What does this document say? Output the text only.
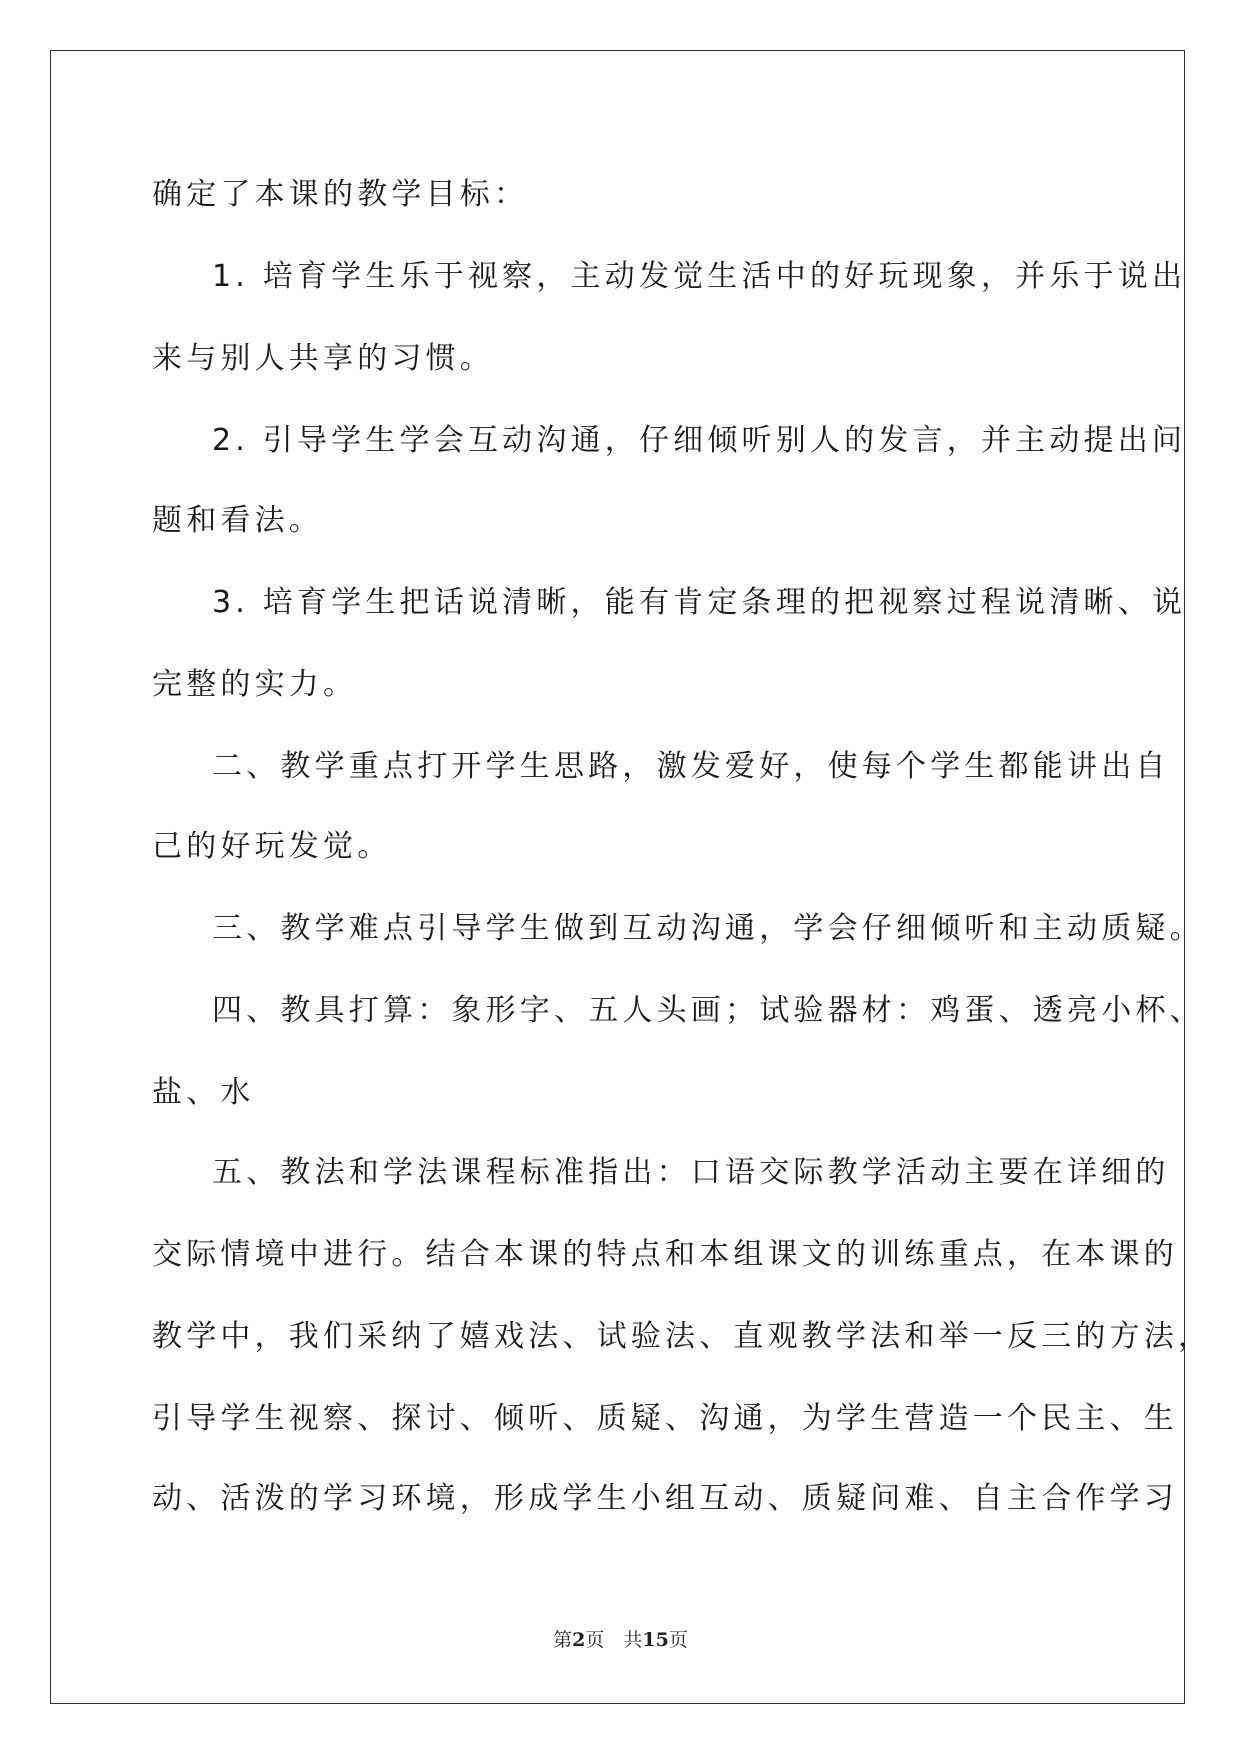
确定了本课的教学目标：
1. 培育学生乐于视察，主动发觉生活中的好玩现象，并乐于说出
来与别人共享的习惯。
2. 引导学生学会互动沟通，仔细倾听别人的发言，并主动提出问
题和看法。
3. 培育学生把话说清晰，能有肯定条理的把视察过程说清晰、说
完整的实力。
二、教学重点打开学生思路，激发爱好，使每个学生都能讲出自
己的好玩发觉。
三、教学难点引导学生做到互动沟通，学会仔细倾听和主动质疑。
四、教具打算：象形字、五人头画；试验器材：鸡蛋、透亮小杯、
盐、水
五、教法和学法课程标准指出：口语交际教学活动主要在详细的
交际情境中进行。结合本课的特点和本组课文的训练重点，在本课的
教学中，我们采纳了嬉戏法、试验法、直观教学法和举一反三的方法，
引导学生视察、探讨、倾听、质疑、沟通，为学生营造一个民主、生
动、活泼的学习环境，形成学生小组互动、质疑问难、自主合作学习
第2页　共15页
